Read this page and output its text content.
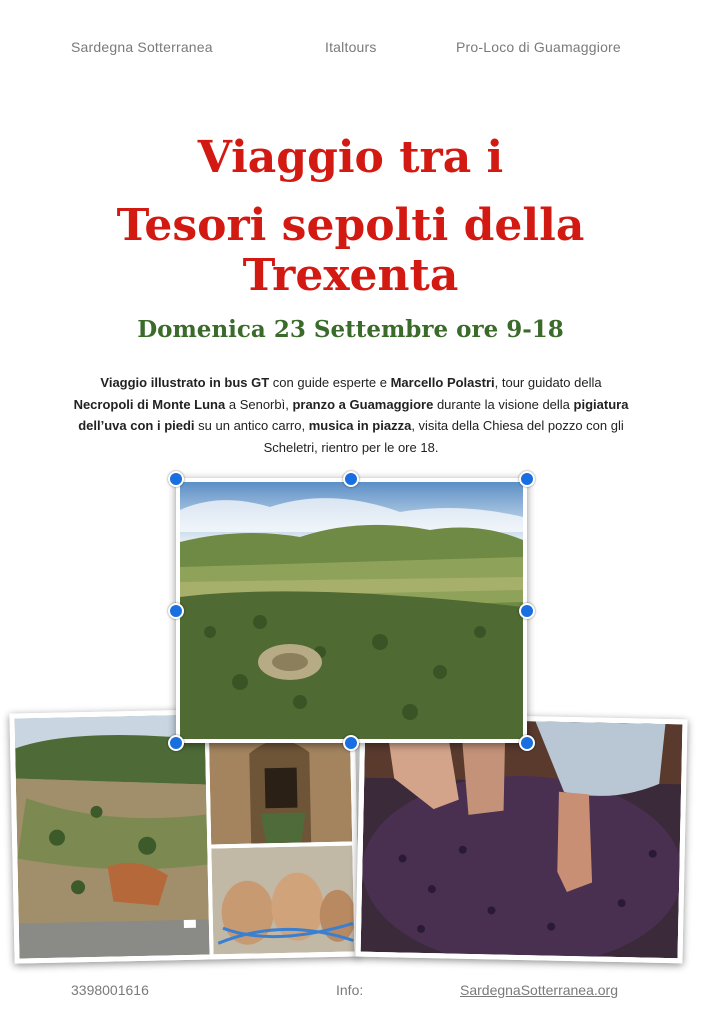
Sardegna Sotterranea	Italtours	Pro-Loco di Guamaggiore
Viaggio tra i
Tesori sepolti della
Trexenta
Domenica 23 Settembre ore 9-18
Viaggio illustrato in bus GT con guide esperte e Marcello Polastri, tour guidato della Necropoli di Monte Luna a Senorbì, pranzo a Guamaggiore durante la visione della pigiatura dell’uva con i piedi su un antico carro, musica in piazza, visita della Chiesa del pozzo con gli Scheletri, rientro per le ore 18.
3398001616	Info:	SardegnaSotterranea.org
